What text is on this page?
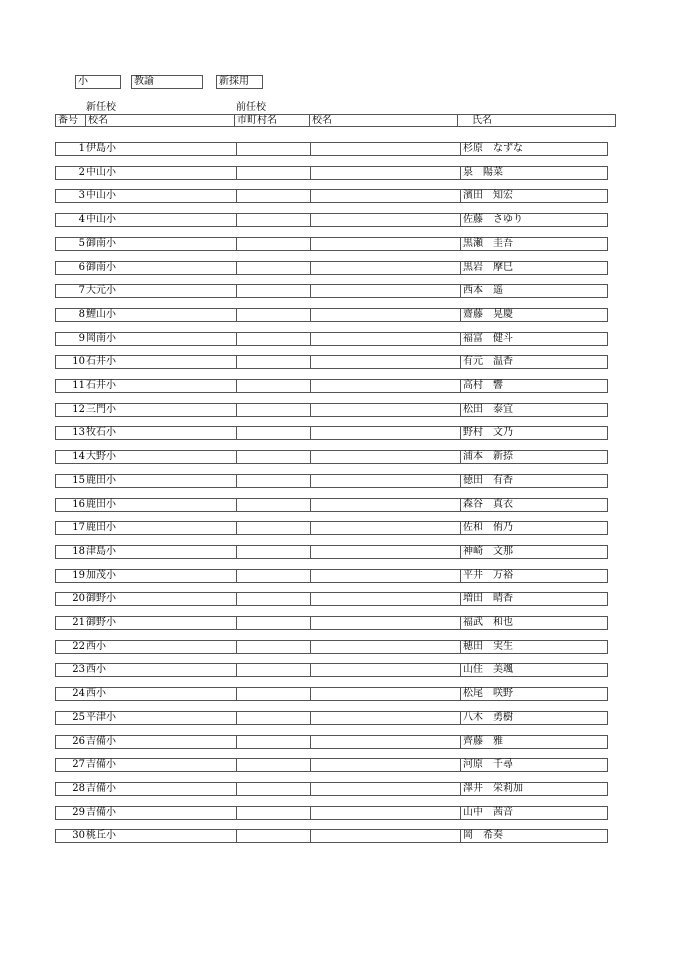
小	教諭	新採用
新任校	前任校
番号	校名	市町村名	校名	氏名
1 伊島小	杉原　なずな
2 中山小	泉　陽菜
3 中山小	濱田　知宏
4 中山小	佐藤　さゆり
5 御南小	黒瀬　圭吾
6 御南小	黒岩　摩巳
7 大元小	西本　遥
8 鯉山小	齋藤　晃慶
9 岡南小	福富　健斗
10 石井小	有元　温香
11 石井小	高村　響
12 三門小	松田　泰宜
13 牧石小	野村　文乃
14 大野小	浦本　新捺
15 鹿田小	徳田　有香
16 鹿田小	森谷　真衣
17 鹿田小	佐和　侑乃
18 津島小	神崎　文那
19 加茂小	平井　万裕
20 御野小	増田　晴香
21 御野小	福武　和也
22 西小	穂田　実生
23 西小	山住　美颯
24 西小	松尾　咲野
25 平津小	八木　勇樹
26 吉備小	齊藤　雅
27 吉備小	河原　千尋
28 吉備小	澤井　栄莉加
29 吉備小	山中　茜音
30 桃丘小	岡　希奏
